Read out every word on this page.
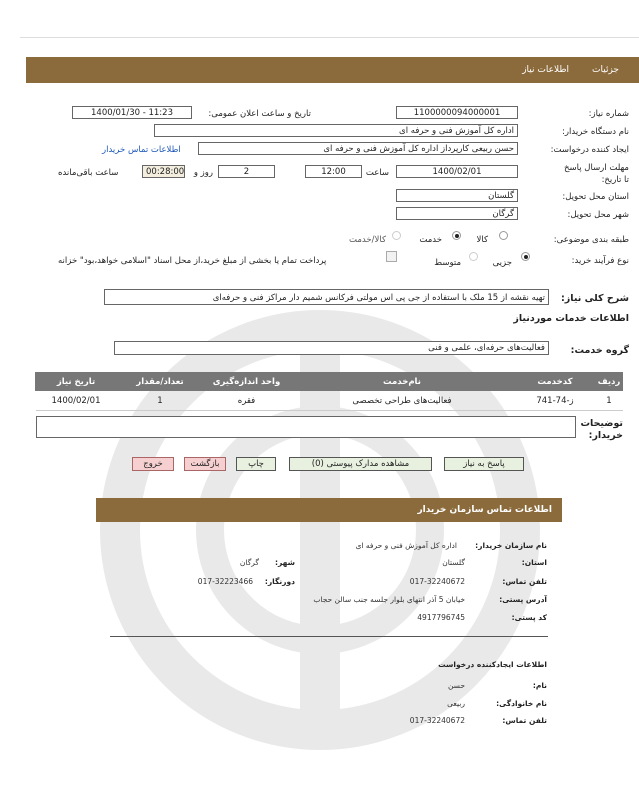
جزئیات
اطلاعات نیاز
شماره نیاز:
1100000094000001
تاریخ و ساعت اعلان عمومی:
1400/01/30 - 11:23
نام دستگاه خریدار:
اداره کل آموزش فنی و حرفه ای
ایجاد کننده درخواست:
حسن ربیعی کارپرداز اداره کل آموزش فنی و حرفه ای
اطلاعات تماس خریدار
مهلت ارسال پاسخ تا تاریخ:
1400/02/01
ساعت
12:00
2
روز و
00:28:00
ساعت باقی‌مانده
استان محل تحویل:
گلستان
شهر محل تحویل:
گرگان
طبقه بندی موضوعی:
کالا
خدمت
کالا/خدمت
نوع فرآیند خرید:
جزیی
متوسط
پرداخت تمام یا بخشی از مبلغ خرید،از محل اسناد "اسلامی خواهد،بود" خزانه
شرح کلی نیاز:
تهیه نقشه از 15 ملک با استفاده از جی پی اس مولتی فرکانس شمیم دار مراکز فنی و حرفه‌ای
اطلاعات خدمات موردنیاز
گروه خدمت:
فعالیت‌های حرفه‌ای، علمی و فنی
ردیف	کدخدمت	نام‌خدمت	واحد اندازه‌گیری	تعداد/مقدار	تاریخ نیاز
1	ز-74-741	فعالیت‌های طراحی تخصصی	فقره	1	1400/02/01
توضیحات خریدار:
پاسخ به نیاز
مشاهده مدارک پیوستی (0)
چاپ
بازگشت
خروج
اطلاعات تماس سازمان خریدار
نام سازمان خریدار:
اداره کل آموزش فنی و حرفه ای
استان:
گلستان
شهر:
گرگان
تلفن تماس:
017-32240672
دورنگار:
017-32223466
آدرس پستی:
خیابان 5 آذر انتهای بلوار جلسه جنب سالن حجاب
کد پستی:
4917796745
اطلاعات ایجادکننده درخواست
نام:
حسن
نام خانوادگی:
ربیعی
تلفن تماس:
017-32240672
